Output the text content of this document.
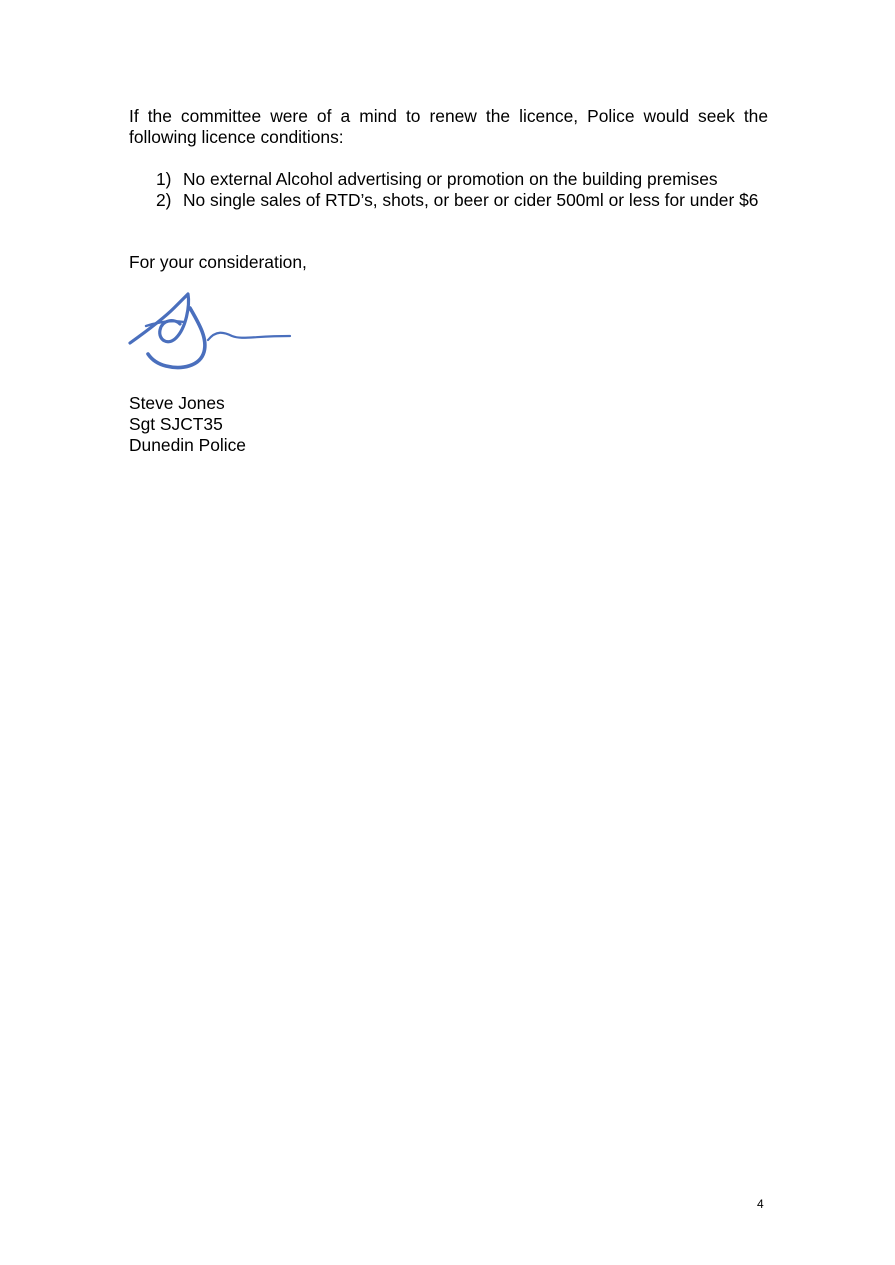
If the committee were of a mind to renew the licence, Police would seek the following licence conditions:

1) No external Alcohol advertising or promotion on the building premises
2) No single sales of RTD’s, shots, or beer or cider 500ml or less for under $6

For your consideration,

Steve Jones
Sgt SJCT35
Dunedin Police
4
